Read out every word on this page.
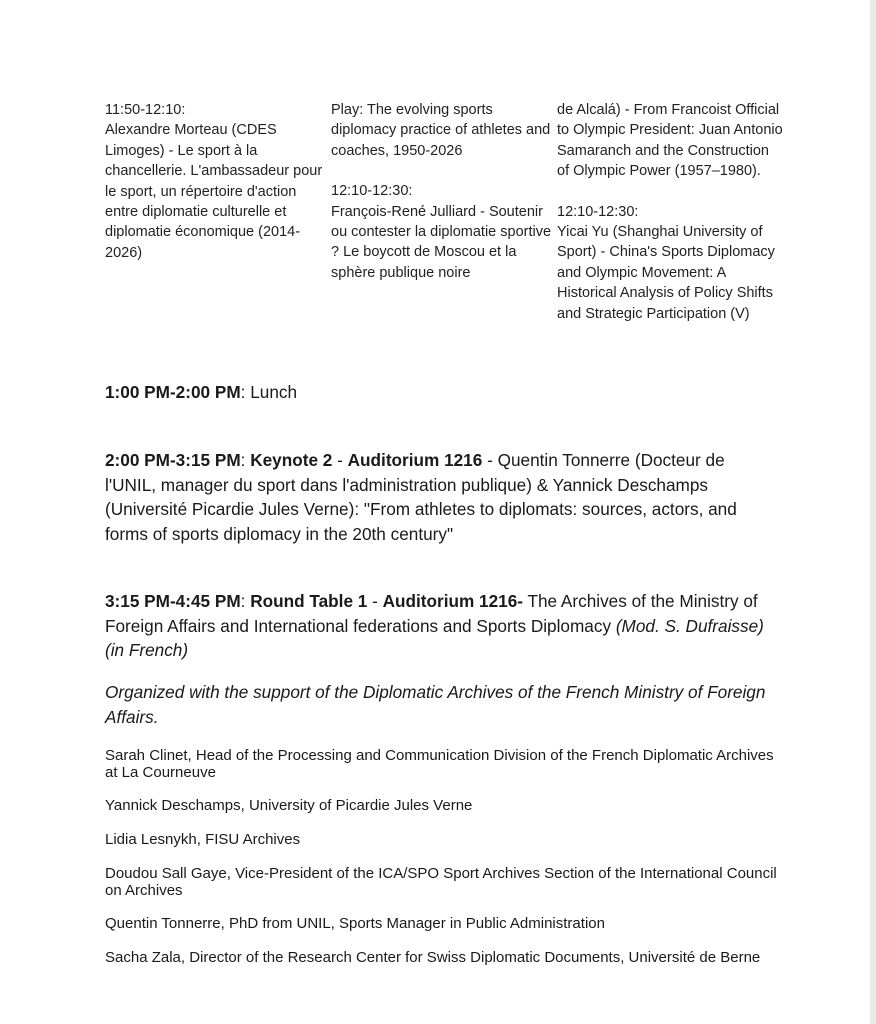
11:50-12:10:
Alexandre Morteau (CDES Limoges) - Le sport à la chancellerie. L'ambassadeur pour le sport, un répertoire d'action entre diplomatie culturelle et diplomatie économique (2014-2026)

Play: The evolving sports diplomacy practice of athletes and coaches, 1950-2026

12:10-12:30:
François-René Julliard - Soutenir ou contester la diplomatie sportive ? Le boycott de Moscou et la sphère publique noire

de Alcalá) - From Francoist Official to Olympic President: Juan Antonio Samaranch and the Construction of Olympic Power (1957–1980).

12:10-12:30:
Yicai Yu (Shanghai University of Sport) - China's Sports Diplomacy and Olympic Movement: A Historical Analysis of Policy Shifts and Strategic Participation (V)

1:00 PM-2:00 PM: Lunch
2:00 PM-3:15 PM: Keynote 2 - Auditorium 1216 - Quentin Tonnerre (Docteur de l'UNIL, manager du sport dans l'administration publique) & Yannick Deschamps (Université Picardie Jules Verne): "From athletes to diplomats: sources, actors, and forms of sports diplomacy in the 20th century"
3:15 PM-4:45 PM: Round Table 1 - Auditorium 1216- The Archives of the Ministry of Foreign Affairs and International federations and Sports Diplomacy (Mod. S. Dufraisse) (in French)
Organized with the support of the Diplomatic Archives of the French Ministry of Foreign Affairs.
Sarah Clinet, Head of the Processing and Communication Division of the French Diplomatic Archives at La Courneuve
Yannick Deschamps, University of Picardie Jules Verne
Lidia Lesnykh, FISU Archives
Doudou Sall Gaye, Vice-President of the ICA/SPO Sport Archives Section of the International Council on Archives
Quentin Tonnerre, PhD from UNIL, Sports Manager in Public Administration
Sacha Zala, Director of the Research Center for Swiss Diplomatic Documents, Université de Berne
